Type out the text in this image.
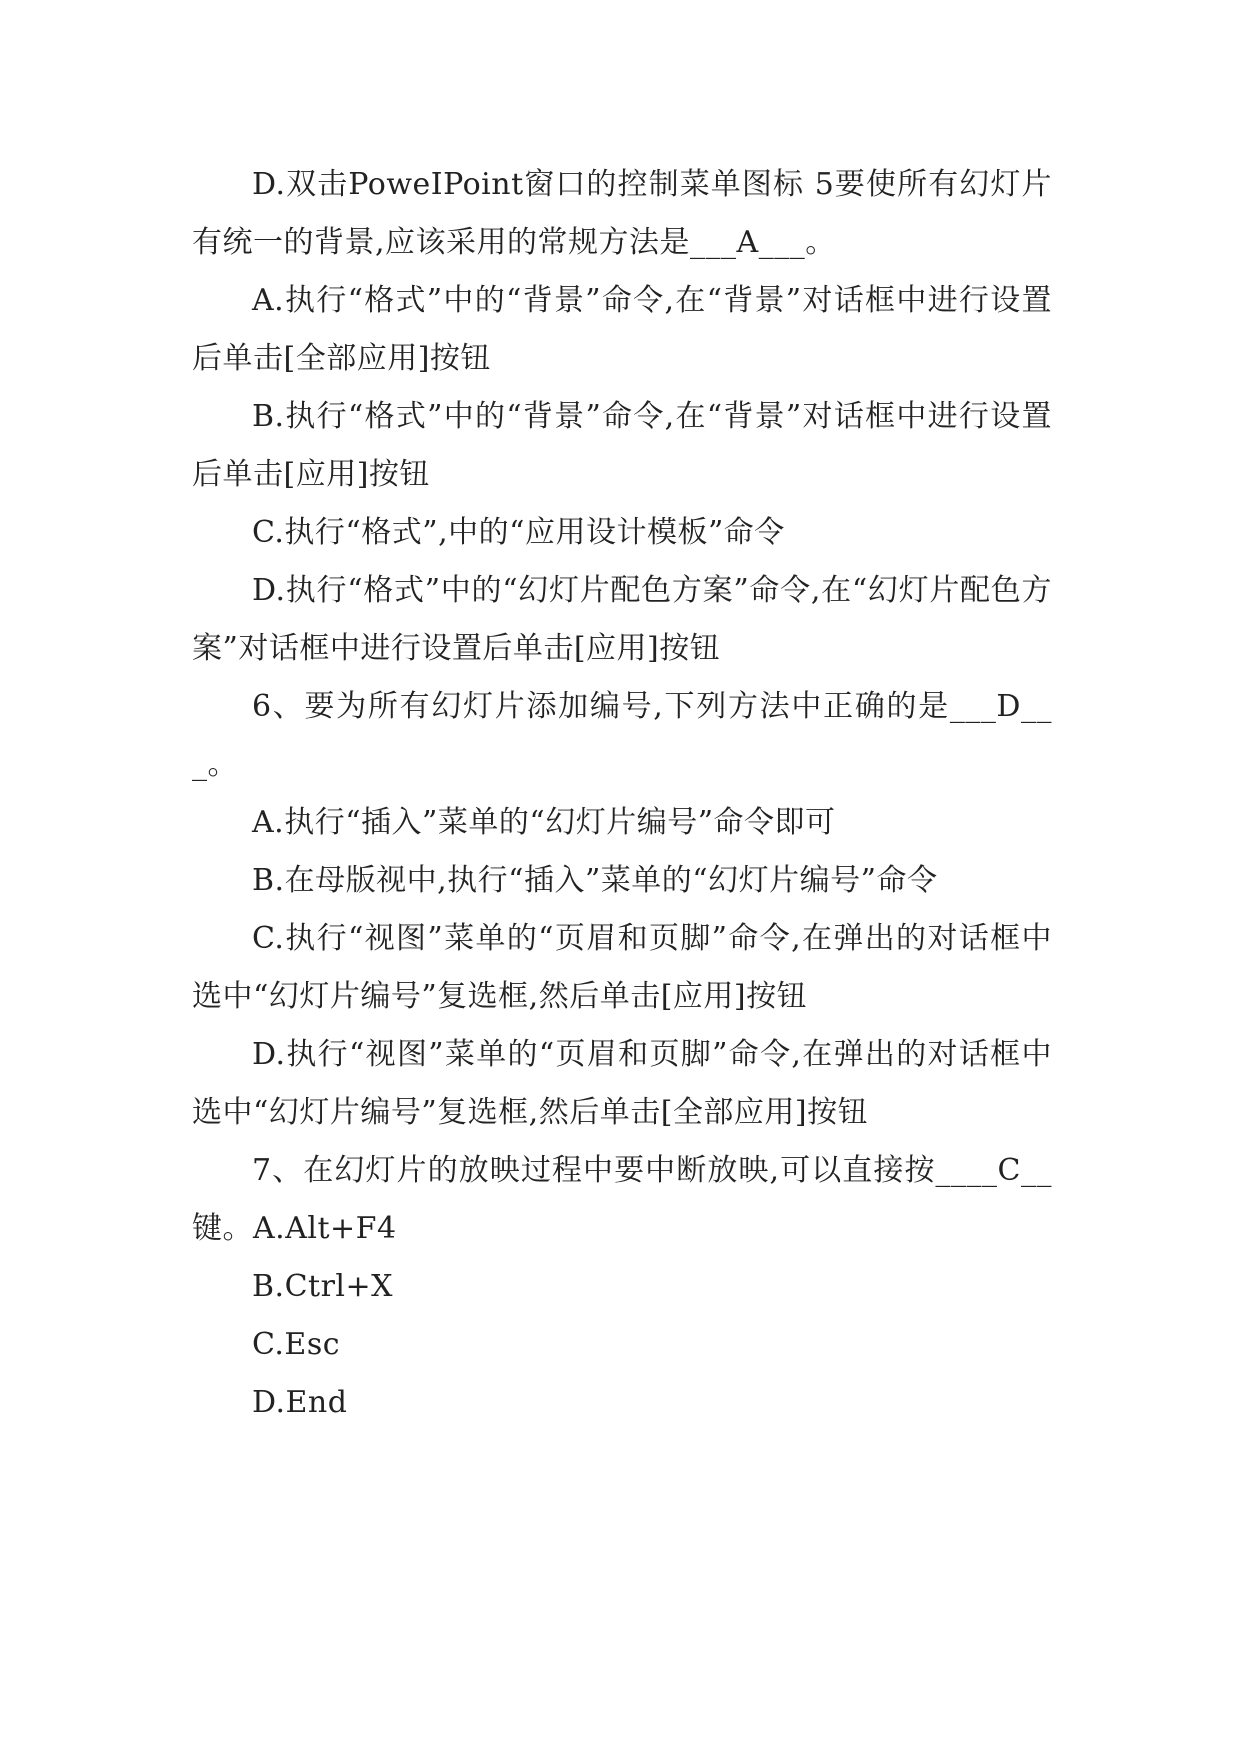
D.双击PoweIPoint窗口的控制菜单图标 5要使所有幻灯片有统一的背景,应该采用的常规方法是___A___。

A.执行“格式”中的“背景”命令,在“背景”对话框中进行设置后单击[全部应用]按钮

B.执行“格式”中的“背景”命令,在“背景”对话框中进行设置后单击[应用]按钮

C.执行“格式”,中的“应用设计模板”命令

D.执行“格式”中的“幻灯片配色方案”命令,在“幻灯片配色方案”对话框中进行设置后单击[应用]按钮

6、要为所有幻灯片添加编号,下列方法中正确的是___D___。

A.执行“插入”菜单的“幻灯片编号”命令即可

B.在母版视中,执行“插入”菜单的“幻灯片编号”命令

C.执行“视图”菜单的“页眉和页脚”命令,在弹出的对话框中选中“幻灯片编号”复选框,然后单击[应用]按钮

D.执行“视图”菜单的“页眉和页脚”命令,在弹出的对话框中选中“幻灯片编号”复选框,然后单击[全部应用]按钮

7、在幻灯片的放映过程中要中断放映,可以直接按____C__键。A.Alt+F4

B.Ctrl+X

C.Esc

D.End
